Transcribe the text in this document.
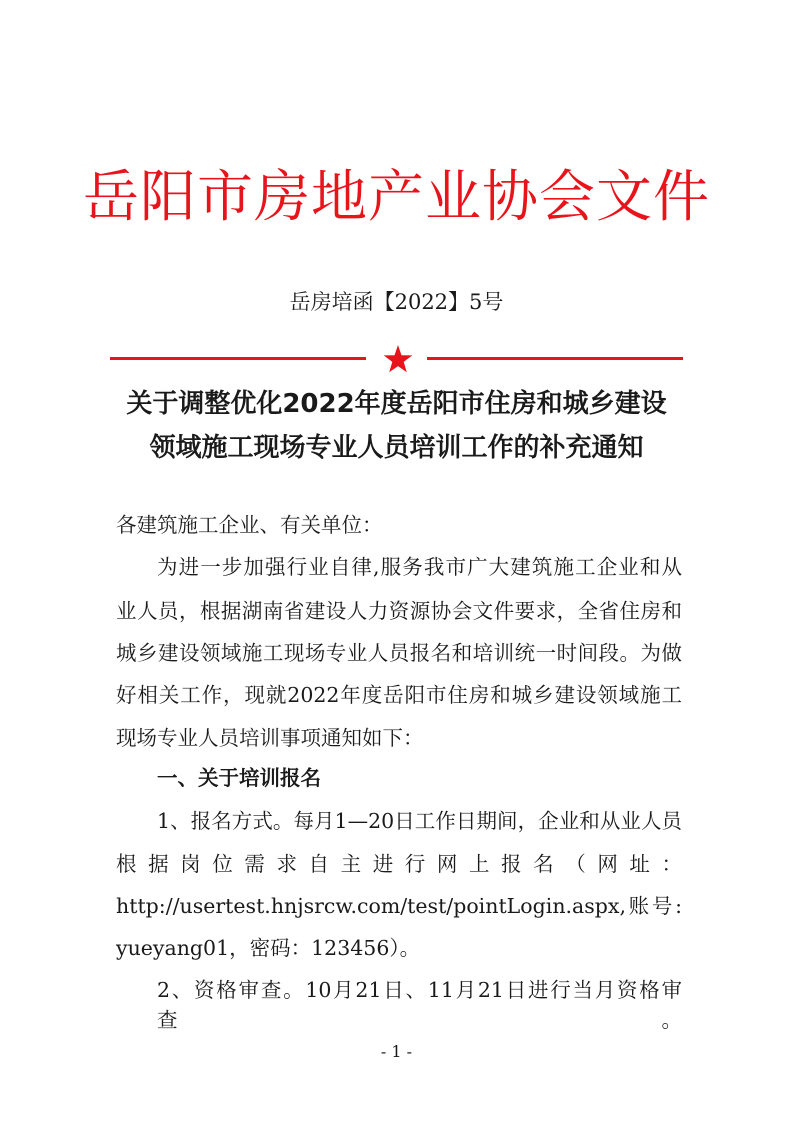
岳阳市房地产业协会文件
岳房培函【2022】5号
关于调整优化2022年度岳阳市住房和城乡建设
领域施工现场专业人员培训工作的补充通知
各建筑施工企业、有关单位：
为进一步加强行业自律,服务我市广大建筑施工企业和从
业人员，根据湖南省建设人力资源协会文件要求，全省住房和
城乡建设领域施工现场专业人员报名和培训统一时间段。为做
好相关工作，现就2022年度岳阳市住房和城乡建设领域施工
现场专业人员培训事项通知如下：
一、关于培训报名
1、报名方式。每月1—20日工作日期间，企业和从业人员
根据岗位需求自主进行网上报名（网址：
http://usertest.hnjsrcw.com/test/pointLogin.aspx,账号:
yueyang01，密码：123456）。
2、资格审查。10月21日、11月21日进行当月资格审查。
- 1 -
